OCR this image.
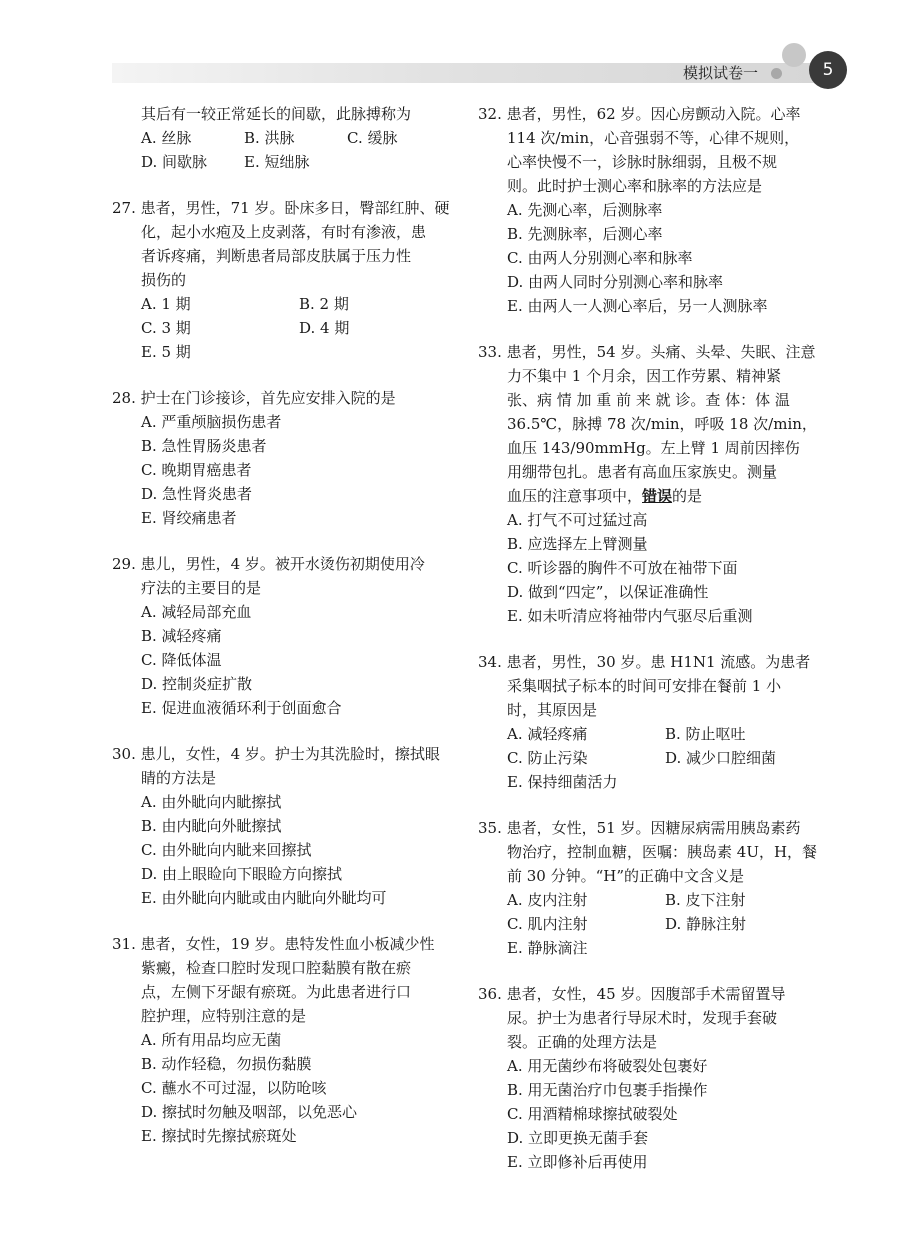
模拟试卷一	5
其后有一较正常延长的间歇，此脉搏称为
A. 丝脉	B. 洪脉	C. 缓脉
D. 间歇脉	E. 短绌脉
27. 患者，男性，71 岁。卧床多日，臀部红肿、硬
化，起小水疱及上皮剥落，有时有渗液，患
者诉疼痛，判断患者局部皮肤属于压力性
损伤的
A. 1 期	B. 2 期
C. 3 期	D. 4 期
E. 5 期
28. 护士在门诊接诊，首先应安排入院的是
A. 严重颅脑损伤患者
B. 急性胃肠炎患者
C. 晚期胃癌患者
D. 急性肾炎患者
E. 肾绞痛患者
29. 患儿，男性，4 岁。被开水烫伤初期使用冷
疗法的主要目的是
A. 减轻局部充血
B. 减轻疼痛
C. 降低体温
D. 控制炎症扩散
E. 促进血液循环利于创面愈合
30. 患儿，女性，4 岁。护士为其洗脸时，擦拭眼
睛的方法是
A. 由外眦向内眦擦拭
B. 由内眦向外眦擦拭
C. 由外眦向内眦来回擦拭
D. 由上眼睑向下眼睑方向擦拭
E. 由外眦向内眦或由内眦向外眦均可
31. 患者，女性，19 岁。患特发性血小板减少性
紫癜，检查口腔时发现口腔黏膜有散在瘀
点，左侧下牙龈有瘀斑。为此患者进行口
腔护理，应特别注意的是
A. 所有用品均应无菌
B. 动作轻稳，勿损伤黏膜
C. 蘸水不可过湿，以防呛咳
D. 擦拭时勿触及咽部，以免恶心
E. 擦拭时先擦拭瘀斑处
32. 患者，男性，62 岁。因心房颤动入院。心率
114 次/min，心音强弱不等，心律不规则，
心率快慢不一，诊脉时脉细弱，且极不规
则。此时护士测心率和脉率的方法应是
A. 先测心率，后测脉率
B. 先测脉率，后测心率
C. 由两人分别测心率和脉率
D. 由两人同时分别测心率和脉率
E. 由两人一人测心率后，另一人测脉率
33. 患者，男性，54 岁。头痛、头晕、失眠、注意
力不集中 1 个月余，因工作劳累、精神紧
张、病 情 加 重 前 来 就 诊。查 体：体 温
36.5℃，脉搏 78 次/min，呼吸 18 次/min，
血压 143/90mmHg。左上臂 1 周前因摔伤
用绷带包扎。患者有高血压家族史。测量
血压的注意事项中，错误的是
A. 打气不可过猛过高
B. 应选择左上臂测量
C. 听诊器的胸件不可放在袖带下面
D. 做到“四定”，以保证准确性
E. 如未听清应将袖带内气驱尽后重测
34. 患者，男性，30 岁。患 H1N1 流感。为患者
采集咽拭子标本的时间可安排在餐前 1 小
时，其原因是
A. 减轻疼痛	B. 防止呕吐
C. 防止污染	D. 减少口腔细菌
E. 保持细菌活力
35. 患者，女性，51 岁。因糖尿病需用胰岛素药
物治疗，控制血糖，医嘱：胰岛素 4U，H，餐
前 30 分钟。“H”的正确中文含义是
A. 皮内注射	B. 皮下注射
C. 肌内注射	D. 静脉注射
E. 静脉滴注
36. 患者，女性，45 岁。因腹部手术需留置导
尿。护士为患者行导尿术时，发现手套破
裂。正确的处理方法是
A. 用无菌纱布将破裂处包裹好
B. 用无菌治疗巾包裹手指操作
C. 用酒精棉球擦拭破裂处
D. 立即更换无菌手套
E. 立即修补后再使用
